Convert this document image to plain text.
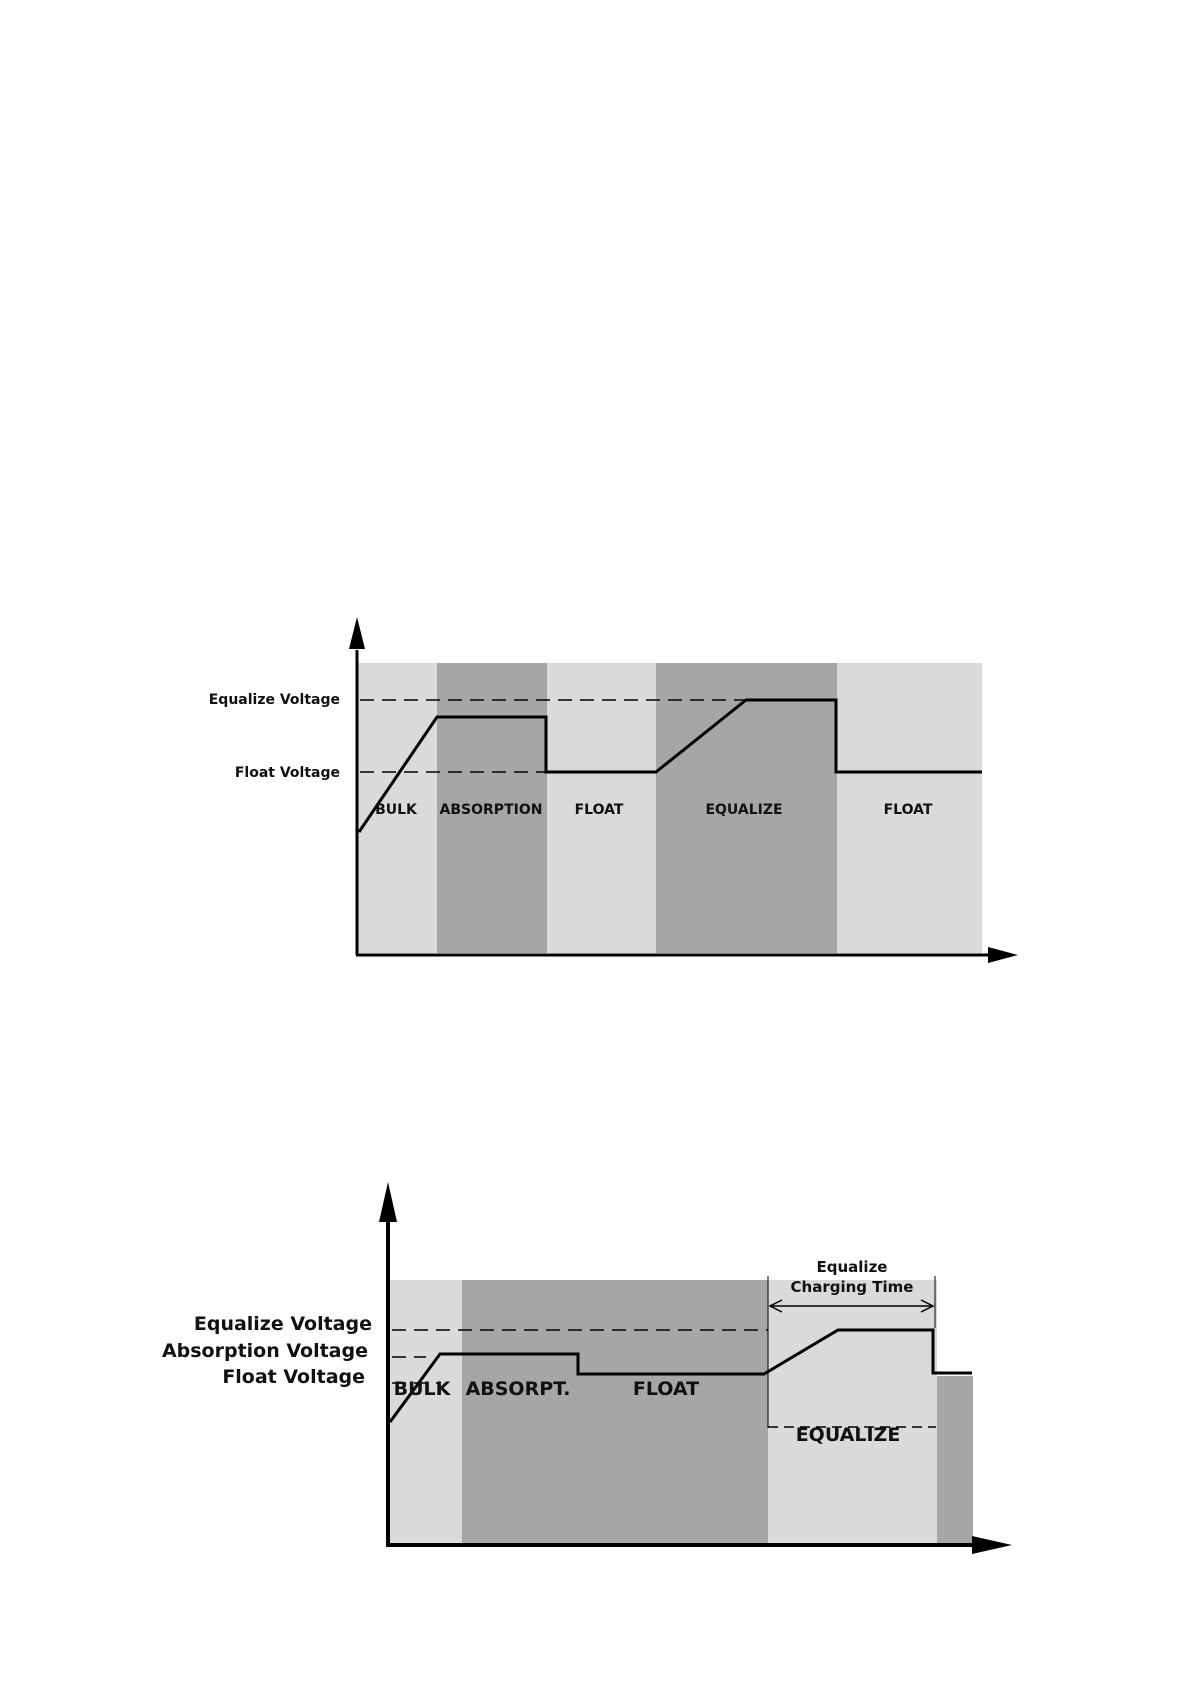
Equalize Voltage
Float Voltage
BULK ABSORPTION FLOAT	EQUALIZE	FLOAT
Equalize Voltage
Absorption Voltage
Float Voltage
BULK ABSORPT.	FLOAT
EQUALIZE
Equalize
Charging Time
